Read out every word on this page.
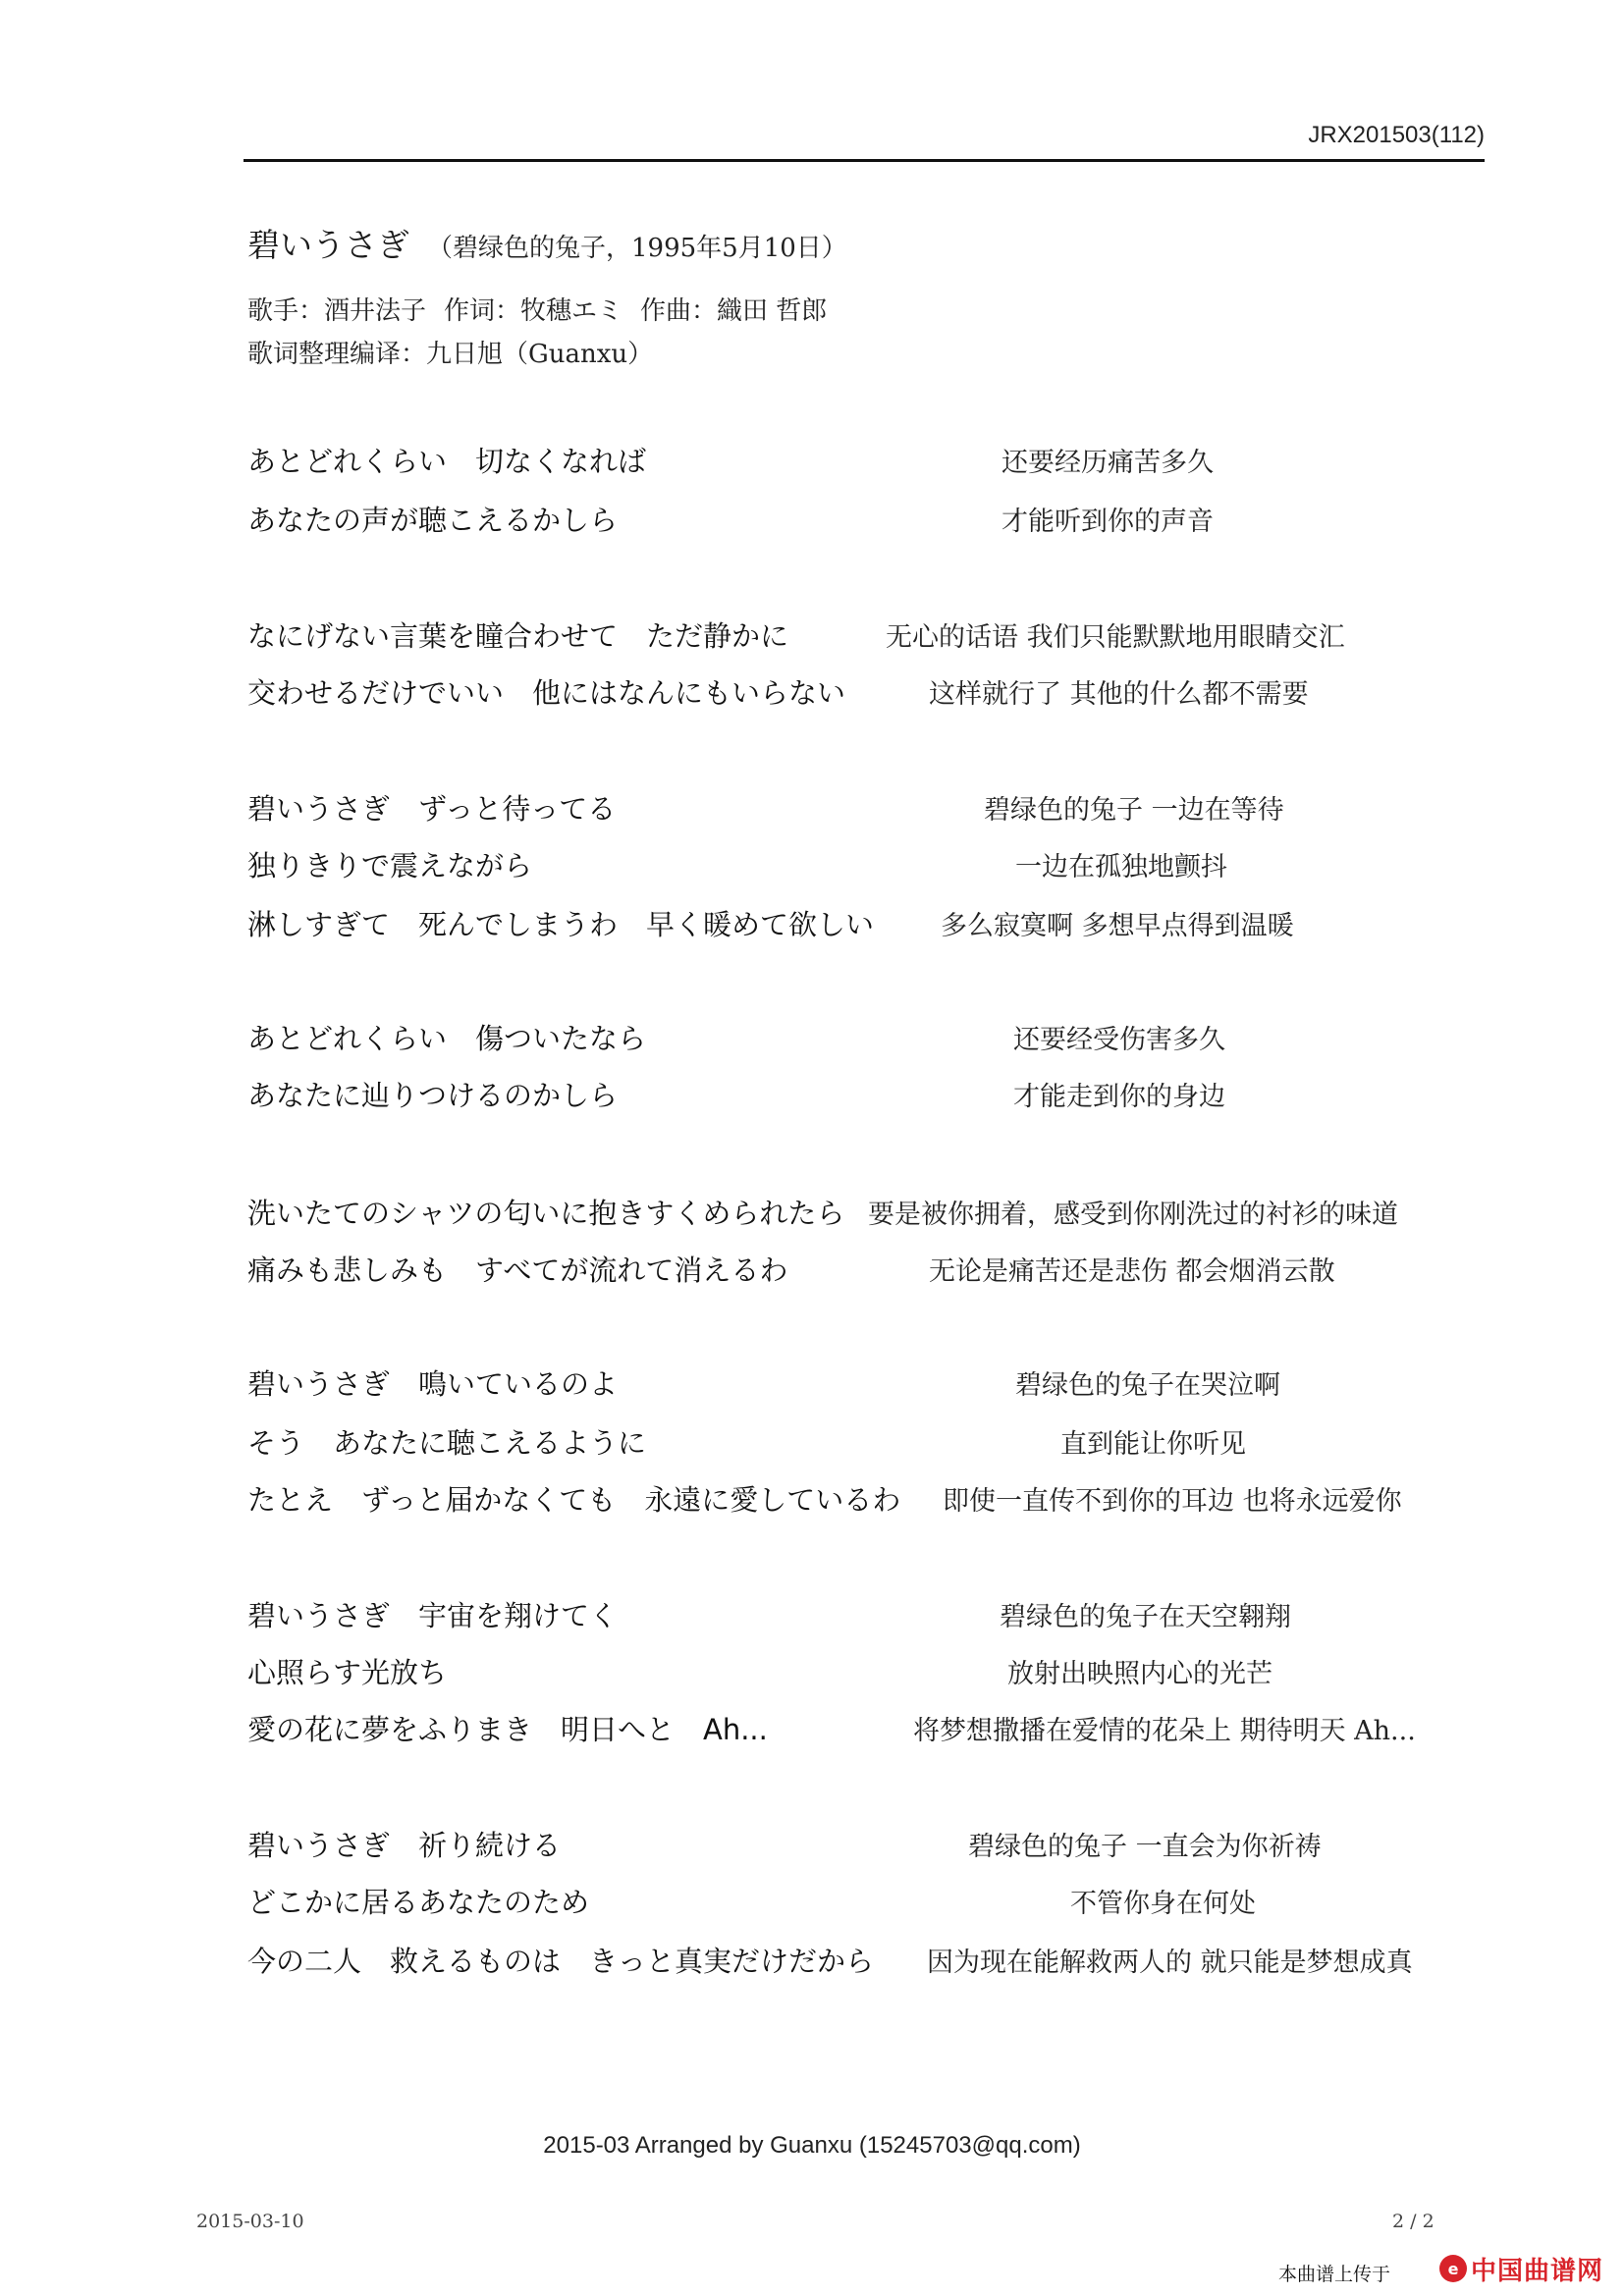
JRX201503(112)
碧いうさぎ （碧绿色的兔子，1995年5月10日）
歌手：酒井法子 作词：牧穗エミ 作曲：織田 哲郎
歌词整理编译：九日旭（Guanxu）
あとどれくらい　切なくなれば	还要经历痛苦多久
あなたの声が聴こえるかしら	才能听到你的声音
なにげない言葉を瞳合わせて　ただ静かに	无心的话语 我们只能默默地用眼睛交汇
交わせるだけでいい　他にはなんにもいらない	这样就行了 其他的什么都不需要
碧いうさぎ　ずっと待ってる	碧绿色的兔子 一边在等待
独りきりで震えながら	一边在孤独地颤抖
淋しすぎて　死んでしまうわ　早く暖めて欲しい	多么寂寞啊 多想早点得到温暖
あとどれくらい　傷ついたなら	还要经受伤害多久
あなたに辿りつけるのかしら	才能走到你的身边
洗いたてのシャツの匂いに抱きすくめられたら 要是被你拥着，感受到你刚洗过的衬衫的味道
痛みも悲しみも　すべてが流れて消えるわ	无论是痛苦还是悲伤 都会烟消云散
碧いうさぎ　鳴いているのよ	碧绿色的兔子在哭泣啊
そう　あなたに聴こえるように	直到能让你听见
たとえ　ずっと届かなくても　永遠に愛しているわ 即使一直传不到你的耳边 也将永远爱你
碧いうさぎ　宇宙を翔けてく	碧绿色的兔子在天空翱翔
心照らす光放ち	放射出映照内心的光芒
愛の花に夢をふりまき　明日へと　Ah...	将梦想撒播在爱情的花朵上 期待明天 Ah...
碧いうさぎ　祈り続ける	碧绿色的兔子 一直会为你祈祷
どこかに居るあなたのため	不管你身在何处
今の二人　救えるものは　きっと真実だけだから 因为现在能解救两人的 就只能是梦想成真
2015-03 Arranged by Guanxu (15245703@qq.com)
2015-03-10	2 / 2
本曲谱上传于	e 中国曲谱网
